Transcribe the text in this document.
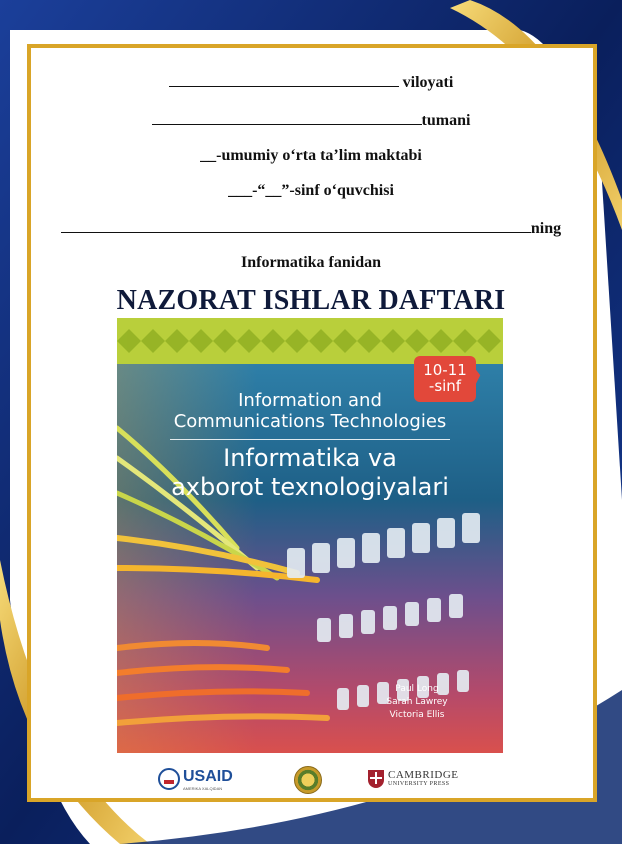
viloyati
tumani
__-umumiy o‘rta ta’lim maktabi
___-“__”-sinf o‘quvchisi
ning
Informatika fanidan
NAZORAT ISHLAR DAFTARI
10-11
-sinf
Information and
Communications Technologies
Informatika va
axborot texnologiyalari
Paul Long
Sarah Lawrey
Victoria Ellis
USAID
AMERIKA XALQIDAN
CAMBRIDGE
UNIVERSITY PRESS
